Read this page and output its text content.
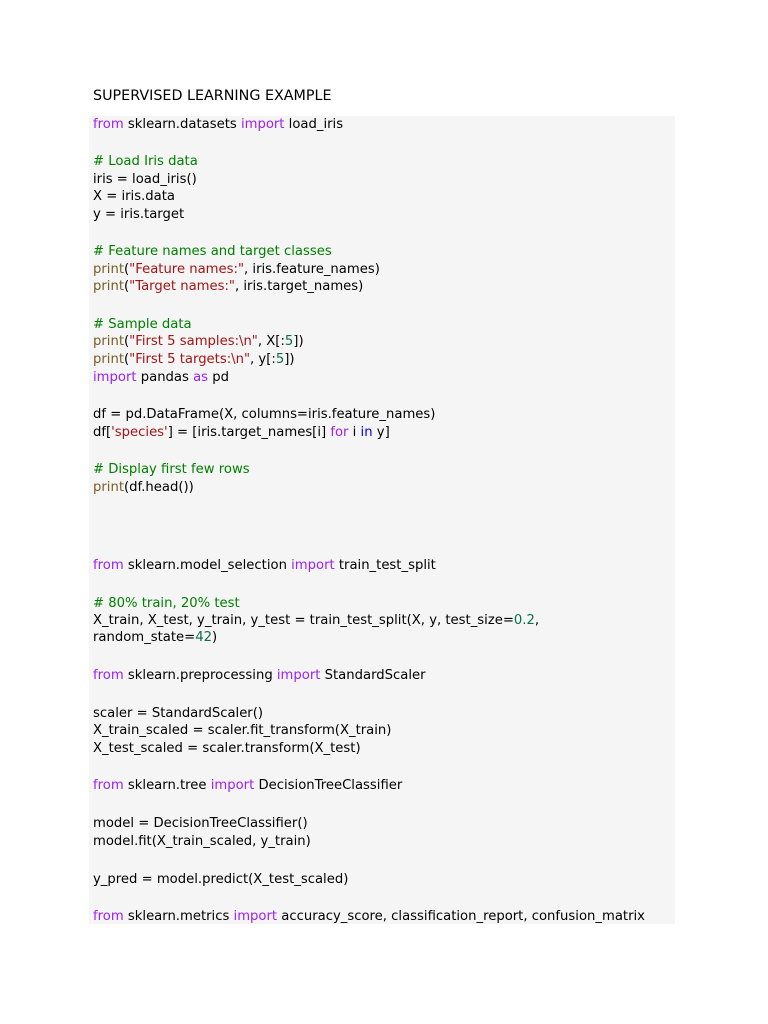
SUPERVISED LEARNING EXAMPLE
from sklearn.datasets import load_iris
# Load Iris data
iris = load_iris()
X = iris.data
y = iris.target
# Feature names and target classes
print("Feature names:", iris.feature_names)
print("Target names:", iris.target_names)
# Sample data
print("First 5 samples:\n", X[:5])
print("First 5 targets:\n", y[:5])
import pandas as pd
df = pd.DataFrame(X, columns=iris.feature_names)
df['species'] = [iris.target_names[i] for i in y]
# Display first few rows
print(df.head())
from sklearn.model_selection import train_test_split
# 80% train, 20% test
X_train, X_test, y_train, y_test = train_test_split(X, y, test_size=0.2,
random_state=42)
from sklearn.preprocessing import StandardScaler
scaler = StandardScaler()
X_train_scaled = scaler.fit_transform(X_train)
X_test_scaled = scaler.transform(X_test)
from sklearn.tree import DecisionTreeClassifier
model = DecisionTreeClassifier()
model.fit(X_train_scaled, y_train)
y_pred = model.predict(X_test_scaled)
from sklearn.metrics import accuracy_score, classification_report, confusion_matrix
